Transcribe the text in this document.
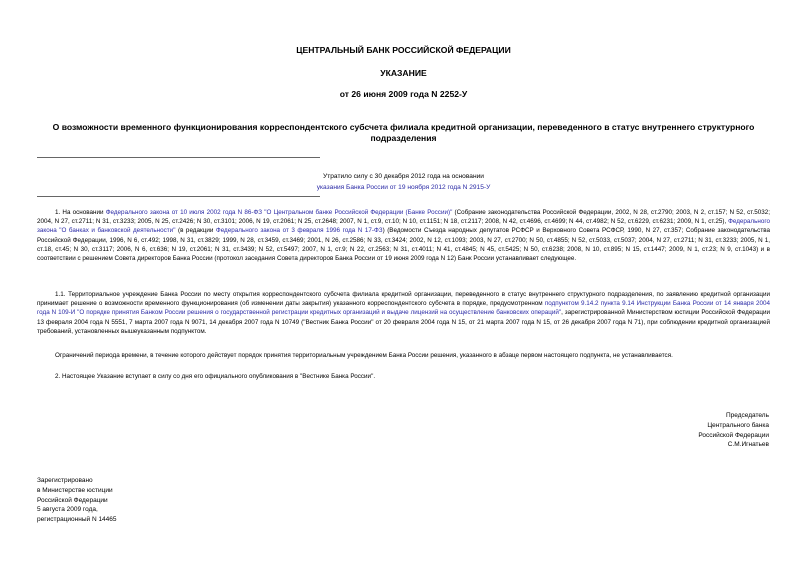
ЦЕНТРАЛЬНЫЙ БАНК РОССИЙСКОЙ ФЕДЕРАЦИИ
УКАЗАНИЕ
от 26 июня 2009 года N 2252-У
О возможности временного функционирования корреспондентского субсчета филиала кредитной организации, переведенного в статус внутреннего структурного подразделения
Утратило силу с 30 декабря 2012 года на основании
указания Банка России от 19 ноября 2012 года N 2915-У
1. На основании Федерального закона от 10 июля 2002 года N 86-ФЗ "О Центральном банке Российской Федерации (Банке России)" (Собрание законодательства Российской Федерации, 2002, N 28, ст.2790; 2003, N 2, ст.157; N 52, ст.5032; 2004, N 27, ст.2711; N 31, ст.3233; 2005, N 25, ст.2426; N 30, ст.3101; 2006, N 19, ст.2061; N 25, ст.2648; 2007, N 1, ст.9, ст.10; N 10, ст.1151; N 18, ст.2117; 2008, N 42, ст.4696, ст.4699; N 44, ст.4982; N 52, ст.6229, ст.6231; 2009, N 1, ст.25), Федерального закона "О банках и банковской деятельности" (в редакции Федерального закона от 3 февраля 1996 года N 17-ФЗ) (Ведомости Съезда народных депутатов РСФСР и Верховного Совета РСФСР, 1990, N 27, ст.357; Собрание законодательства Российской Федерации, 1996, N 6, ст.492; 1998, N 31, ст.3829; 1999, N 28, ст.3459, ст.3469; 2001, N 26, ст.2586; N 33, ст.3424; 2002, N 12, ст.1093; 2003, N 27, ст.2700; N 50, ст.4855; N 52, ст.5033, ст.5037; 2004, N 27, ст.2711; N 31, ст.3233; 2005, N 1, ст.18, ст.45; N 30, ст.3117; 2006, N 6, ст.636; N 19, ст.2061; N 31, ст.3439; N 52, ст.5497; 2007, N 1, ст.9; N 22, ст.2563; N 31, ст.4011; N 41, ст.4845; N 45, ст.5425; N 50, ст.6238; 2008, N 10, ст.895; N 15, ст.1447; 2009, N 1, ст.23; N 9, ст.1043) и в соответствии с решением Совета директоров Банка России (протокол заседания Совета директоров Банка России от 19 июня 2009 года N 12) Банк России устанавливает следующее.
1.1. Территориальное учреждение Банка России по месту открытия корреспондентского субсчета филиала кредитной организации, переведенного в статус внутреннего структурного подразделения, по заявлению кредитной организации принимает решение о возможности временного функционирования (об изменении даты закрытия) указанного корреспондентского субсчета в порядке, предусмотренном подпунктом 9.14.2 пункта 9.14 Инструкции Банка России от 14 января 2004 года N 109-И "О порядке принятия Банком России решения о государственной регистрации кредитных организаций и выдаче лицензий на осуществление банковских операций", зарегистрированной Министерством юстиции Российской Федерации 13 февраля 2004 года N 5551, 7 марта 2007 года N 9071, 14 декабря 2007 года N 10749 ("Вестник Банка России" от 20 февраля 2004 года N 15, от 21 марта 2007 года N 15, от 26 декабря 2007 года N 71), при соблюдении кредитной организацией требований, установленных вышеуказанным подпунктом.
Ограничений периода времени, в течение которого действует порядок принятия территориальным учреждением Банка России решения, указанного в абзаце первом настоящего подпункта, не устанавливается.
2. Настоящее Указание вступает в силу со дня его официального опубликования в "Вестнике Банка России".
Председатель
Центрального банка
Российской Федерации
С.М.Игнатьев
Зарегистрировано
в Министерстве юстиции
Российской Федерации
5 августа 2009 года,
регистрационный N 14465
